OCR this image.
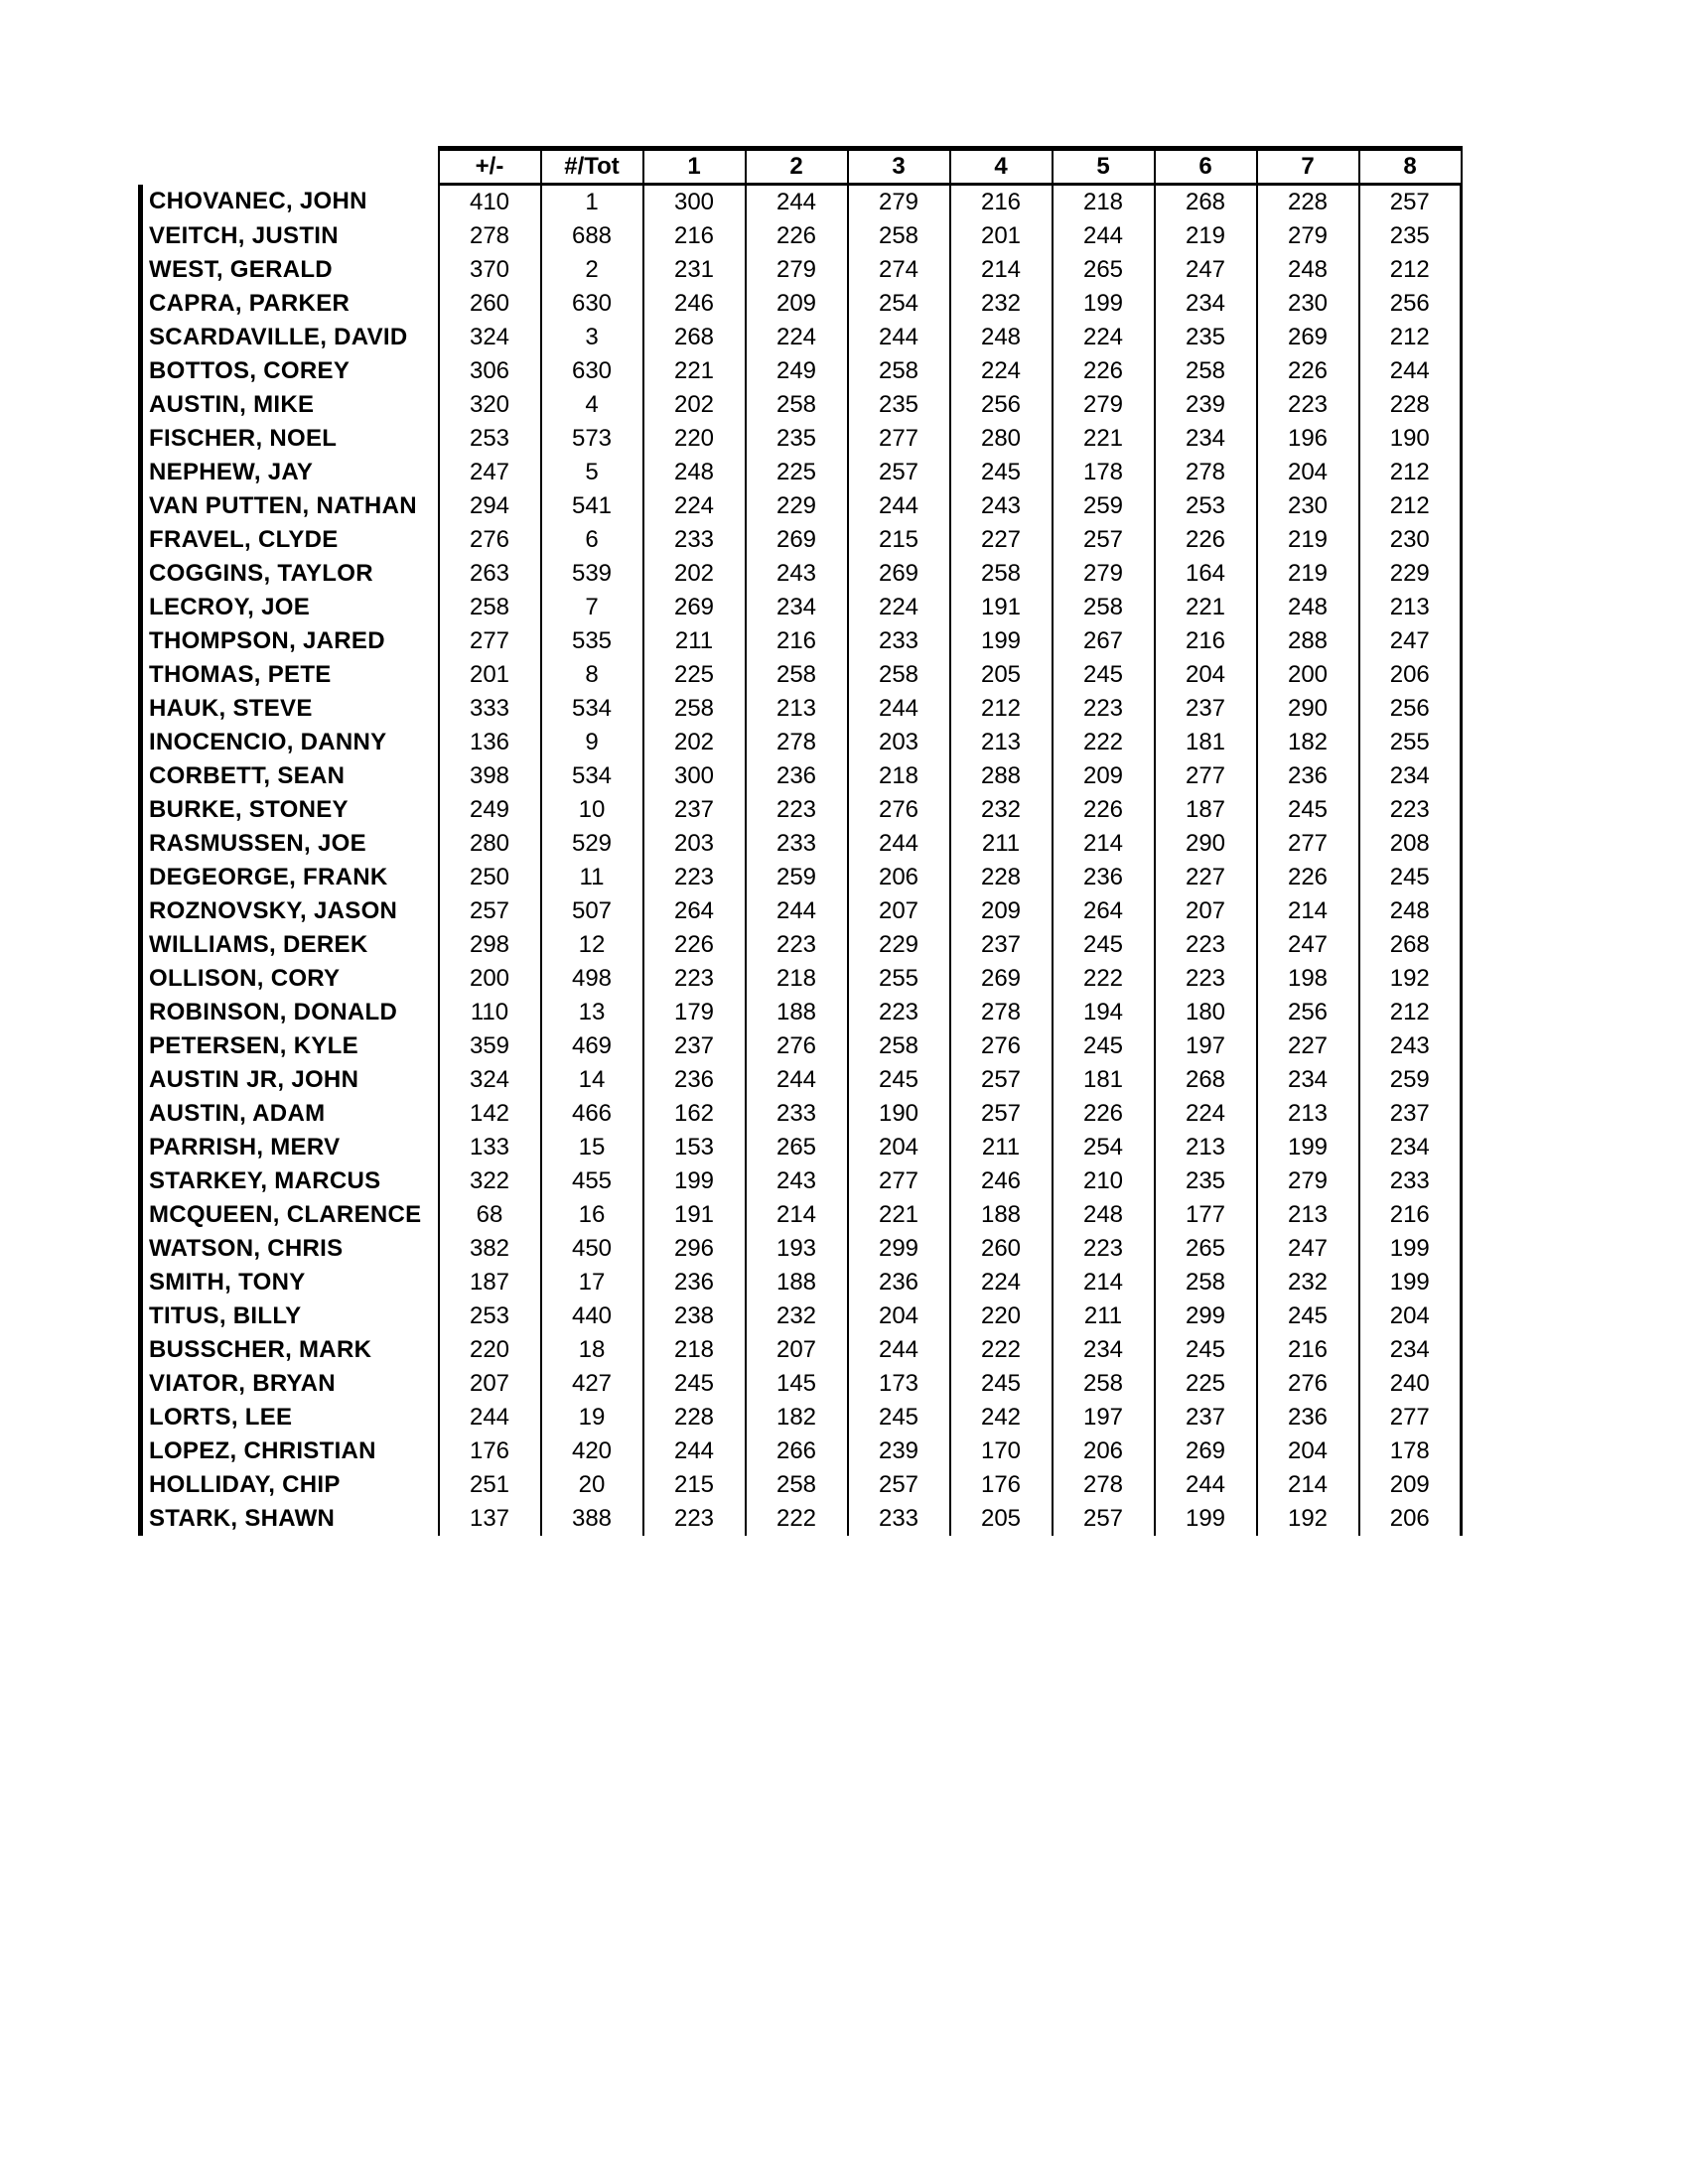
	+/-	#/Tot	1	2	3	4	5	6	7	8
CHOVANEC, JOHN	410	1	300	244	279	216	218	268	228	257
VEITCH, JUSTIN	278	688	216	226	258	201	244	219	279	235
WEST, GERALD	370	2	231	279	274	214	265	247	248	212
CAPRA, PARKER	260	630	246	209	254	232	199	234	230	256
SCARDAVILLE, DAVID	324	3	268	224	244	248	224	235	269	212
BOTTOS, COREY	306	630	221	249	258	224	226	258	226	244
AUSTIN, MIKE	320	4	202	258	235	256	279	239	223	228
FISCHER, NOEL	253	573	220	235	277	280	221	234	196	190
NEPHEW, JAY	247	5	248	225	257	245	178	278	204	212
VAN PUTTEN, NATHAN	294	541	224	229	244	243	259	253	230	212
FRAVEL, CLYDE	276	6	233	269	215	227	257	226	219	230
COGGINS, TAYLOR	263	539	202	243	269	258	279	164	219	229
LECROY, JOE	258	7	269	234	224	191	258	221	248	213
THOMPSON, JARED	277	535	211	216	233	199	267	216	288	247
THOMAS, PETE	201	8	225	258	258	205	245	204	200	206
HAUK, STEVE	333	534	258	213	244	212	223	237	290	256
INOCENCIO, DANNY	136	9	202	278	203	213	222	181	182	255
CORBETT, SEAN	398	534	300	236	218	288	209	277	236	234
BURKE, STONEY	249	10	237	223	276	232	226	187	245	223
RASMUSSEN, JOE	280	529	203	233	244	211	214	290	277	208
DEGEORGE, FRANK	250	11	223	259	206	228	236	227	226	245
ROZNOVSKY, JASON	257	507	264	244	207	209	264	207	214	248
WILLIAMS, DEREK	298	12	226	223	229	237	245	223	247	268
OLLISON, CORY	200	498	223	218	255	269	222	223	198	192
ROBINSON, DONALD	110	13	179	188	223	278	194	180	256	212
PETERSEN, KYLE	359	469	237	276	258	276	245	197	227	243
AUSTIN JR, JOHN	324	14	236	244	245	257	181	268	234	259
AUSTIN, ADAM	142	466	162	233	190	257	226	224	213	237
PARRISH, MERV	133	15	153	265	204	211	254	213	199	234
STARKEY, MARCUS	322	455	199	243	277	246	210	235	279	233
MCQUEEN, CLARENCE	68	16	191	214	221	188	248	177	213	216
WATSON, CHRIS	382	450	296	193	299	260	223	265	247	199
SMITH, TONY	187	17	236	188	236	224	214	258	232	199
TITUS, BILLY	253	440	238	232	204	220	211	299	245	204
BUSSCHER, MARK	220	18	218	207	244	222	234	245	216	234
VIATOR, BRYAN	207	427	245	145	173	245	258	225	276	240
LORTS, LEE	244	19	228	182	245	242	197	237	236	277
LOPEZ, CHRISTIAN	176	420	244	266	239	170	206	269	204	178
HOLLIDAY, CHIP	251	20	215	258	257	176	278	244	214	209
STARK, SHAWN	137	388	223	222	233	205	257	199	192	206
